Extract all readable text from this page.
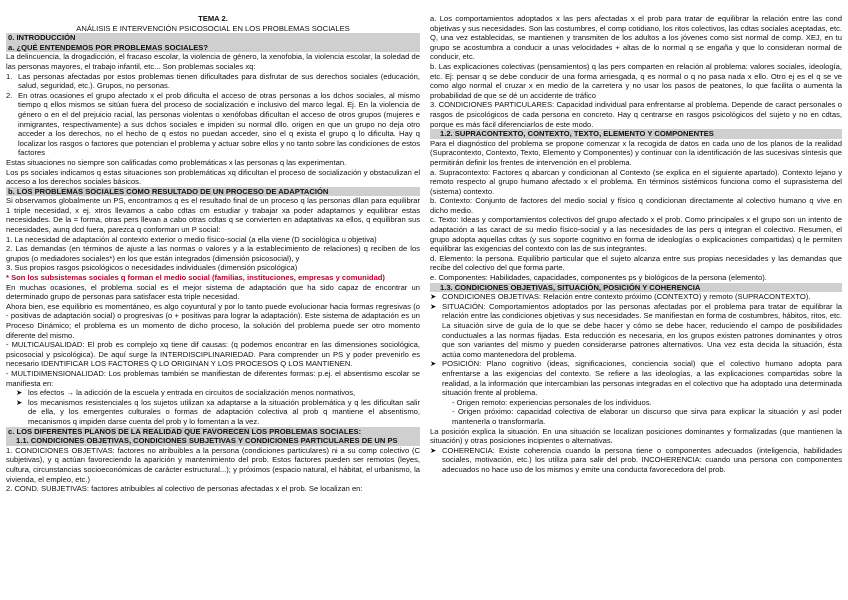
TEMA 2.

ANÁLISIS E INTERVENCIÓN PSICOSOCIAL EN LOS PROBLEMAS SOCIALES

0. INTRODUCCIÓN

a. ¿QUÉ ENTENDEMOS POR PROBLEMAS SOCIALES?

La delincuencia, la drogadicción, el fracaso escolar, la violencia de género, la xenofobia, la violencia escolar, la soledad de las personas mayores, el trabajo infantil, etc... Son problemas sociales xq:

1. Las personas afectadas por estos problemas tienen dificultades para disfrutar de sus derechos sociales (educación, salud, seguridad, etc.). Grupos, no personas.
2. En otras ocasiones el grupo afectado x el prob dificulta el acceso de otras personas a los dchos sociales, al mismo tiempo q ellos mismos se sitúan fuera del proceso de socialización e inclusivo del marco legal. Ej. En la violencia de género o en el del prejuicio racial, las personas violentas o xenófobas dificultan el acceso de otros grupos (mujeres e inmigrantes, respectivamente) a sus dchos sociales e impiden su normal dllo. origen en que un grupo no deja otro acceder a los derechos, no el hecho de q estos no puedan acceder, sino el q exista el grupo q lo dificulta. Hay q localizar los rasgos o factores que potencian el problema y actuar sobre ellos y no tanto sobre las condiciones de estos factores

Estas situaciones no siempre son calificadas como problemáticas x las personas q las experimentan.

Los ps sociales indicamos q estas situaciones son problemáticas xq dificultan el proceso de socialización y obstaculizan el acceso a los derechos sociales básicos.

b. LOS PROBLEMAS SOCIALES COMO RESULTADO DE UN PROCESO DE ADAPTACIÓN

Si observamos globalmente un PS, encontramos q es el resultado final de un proceso q las personas dllan para equilibrar 1 triple necesidad, x ej. xtros llevamos a cabo cdtas cm estudiar y trabajar xa poder adaptarnos y equilibrar estas necesidades. De la = forma, otras pers llevan a cabo otras cdtas q se convierten en adaptativas xa ellos, q equilibran sus necesidades, aunq dcd fuera, parezca q conforman un P social:

1. La necesidad de adaptación al contexto exterior o medio físico-social (a ella viene (D sociológica u objetiva)

2. Las demandas (en términos de ajuste a las normas o valores y a la establecimiento de relaciones) q reciben de los grupos (o mediadores sociales*) en los que están integrados (dimensión psicosocial), y

3. Sus propios rasgos psicológicos o necesidades individuales (dimensión psicológica)

* Son los subsistemas sociales q forman el medio social (familias, instituciones, empresas y comunidad)

En muchas ocasiones, el problema social es el mejor sistema de adaptación que ha sido capaz de encontrar un determinado grupo de personas para satisfacer esta triple necesidad.

Ahora bien, ese equilibrio es momentáneo, es algo coyuntural y por lo tanto puede evolucionar hacia formas regresivas (o - positivas de adaptación social) o progresivas (o + positivas para lograr la adaptación). Este sistema de adaptación es un Proceso Dinámico; el problema es un momento de dicho proceso, la solución del problema puede ser otro momento diferente del mismo.

- MULTICAUSALIDAD: El prob es complejo xq tiene dif causas: (q podemos encontrar en las dimensiones sociológica, psicosocial y psicológica). De aquí surge la INTERDISCIPLINARIEDAD. Para comprender un PS y poder prevenirlo es necesario IDENTIFICAR LOS FACTORES Q LO ORIGINAN Y LOS PROCESOS Q LOS MANTIENEN.

- MULTIDIMENSIONALIDAD: Los problemas también se manifiestan de diferentes formas: p.ej. el absentismo escolar se manifiesta en:

➤ los efectos → la adicción de la escuela y entrada en circuitos de socialización menos normativos,
➤ los mecanismos resistenciales q los sujetos utilizan xa adaptarse a la situación problemática y q les dificultan salir de ella, y los emergentes culturales o formas de adaptación colectiva al prob q mantiene el absentismo, mecanismos q impiden darse cuenta del prob y lo fomentan a la vez.

c. LOS DIFERENTES PLANOS DE LA REALIDAD QUE FAVORECEN LOS PROBLEMAS SOCIALES:

1.1. CONDICIONES OBJETIVAS, CONDICIONES SUBJETIVAS Y CONDICIONES PARTICULARES DE UN PS

1. CONDICIONES OBJETIVAS: factores no atribuibles a la persona (condiciones particulares) ni a su comp colectivo (C subjetivas), y q actúan favoreciendo la aparición y mantenimiento del prob. Estos factores pueden ser remotos (leyes, cultura, circunstancias socioeconómicas de carácter estructural...); y próximos (espacio natural, el hábitat, el urbanismo, la vivienda, el empleo, etc.)

2. COND. SUBJETIVAS: factores atribuibles al colectivo de personas afectadas x el prob. Se localizan en:

a. Los comportamientos adoptados x las pers afectadas x el prob para tratar de equilibrar la relación entre las cond objetivas y sus necesidades. Son las costumbres, el comp cotidiano, los ritos colectivos, las cdtas sociales aceptadas, etc. Q, una vez establecidas, se mantienen y transmiten de los adultos a los jóvenes como sist normal de comp. XEJ, en tu grupo se acostumbra a conducir a unas velocidades + altas de lo normal q se engaña y que lo consideran normal de conducir, etc.

b. Las explicaciones colectivas (pensamientos) q las pers comparten en relación al problema: valores sociales, ideología, etc. Ej: pensar q se debe conducir de una forma arriesgada, q es normal o q no pasa nada x ello. Otro ej es el q se ve como algo normal el cruzar x en medio de la carretera y no usar los pasos de peatones, lo que facilita o aumenta la probabilidad de que se dé un accidente de tráfico

3. CONDICIONES PARTICULARES: Capacidad individual para enfrentarse al problema. Depende de caract personales o rasgos de psicológicos de cada persona en concreto. Hay q centrarse en rasgos psicológicos del sujeto y no en cdtas, porque es más fácil diferenciarlos de este modo.

1.2. SUPRACONTEXTO, CONTEXTO, TEXTO, ELEMENTO Y COMPONENTES

Para el diagnóstico del problema se propone comenzar x la recogida de datos en cada uno de los planos de la realidad (Supracontexto, Contexto, Texto, Elemento y Componentes) y continuar con la identificación de las sucesivas síntesis que permitirán definir los frentes de intervención en el problema.

a. Supracontexto: Factores q abarcan y condicionan al Contexto (se explica en el siguiente apartado). Contexto lejano y remoto respecto al grupo humano afectado x el problema. En términos sistémicos funciona como el suprasistema del (sistema) contexto.

b. Contexto: Conjunto de factores del medio social y físico q condicionan directamente al colectivo humano q vive en dicho medio.

c. Texto: Ideas y comportamientos colectivos del grupo afectado x el prob. Como principales x el grupo son un intento de adaptación a las caract de su medio físico-social y a las necesidades de las pers q integran el colectivo. Resumen, el grupo adopta aquellas cdtas (y sus soporte cognitivo en forma de ideologías o explicaciones compartidas) q le permiten equilibrar las exigencias del contexto con las de sus integrantes.

d. Elemento: la persona. Equilibrio particular que el sujeto alcanza entre sus propias necesidades y las demandas que recibe del colectivo del que forma parte.

e. Componentes: Habilidades, capacidades, componentes ps y biológicos de la persona (elemento).

1.3. CONDICIONES OBJETIVAS, SITUACIÓN, POSICIÓN Y COHERENCIA

➤ CONDICIONES OBJETIVAS: Relación entre contexto próximo (CONTEXTO) y remoto (SUPRACONTEXTO).
➤ SITUACIÓN: Comportamientos adoptados por las personas afectadas por el problema para tratar de equilibrar la relación entre las condiciones objetivas y sus necesidades. Se manifiestan en forma de costumbres, hábitos, ritos, etc. La situación sirve de guía de lo que se debe hacer y cómo se debe hacer, reduciendo el campo de posibilidades conductuales a las normas fijadas. Esta reducción es necesaria, en los grupos existen patrones dominantes y otros que son variantes del mismo y pueden considerarse patrones alternativos. Una vez esta decida la situación, ésta actúa como mantenedora del problema.
➤ POSICIÓN: Plano cognitivo (ideas, significaciones, conciencia social) que el colectivo humano adopta para enfrentarse a las exigencias del contexto. Se refiere a las ideologías, a las explicaciones compartidas sobre la realidad, a la información que intercambian las personas integradas en el colectivo que ha adoptado una determinada situación frente al problema.

- Origen remoto: experiencias personales de los individuos.

- Origen próximo: capacidad colectiva de elaborar un discurso que sirva para explicar la situación y así poder mantenerla o transformarla.

La posición explica la situación. En una situación se localizan posiciones dominantes y formalizadas (que mantienen la situación) y otras posiciones incipientes o alternativas.

➤ COHERENCIA: Existe coherencia cuando la persona tiene o componentes adecuados (inteligencia, habilidades sociales, motivación, etc.) los utiliza para salir del prob. INCOHERENCIA: cuando una persona con componentes adecuados no hace uso de los mismos y emite una conducta favorecedora del prob.
